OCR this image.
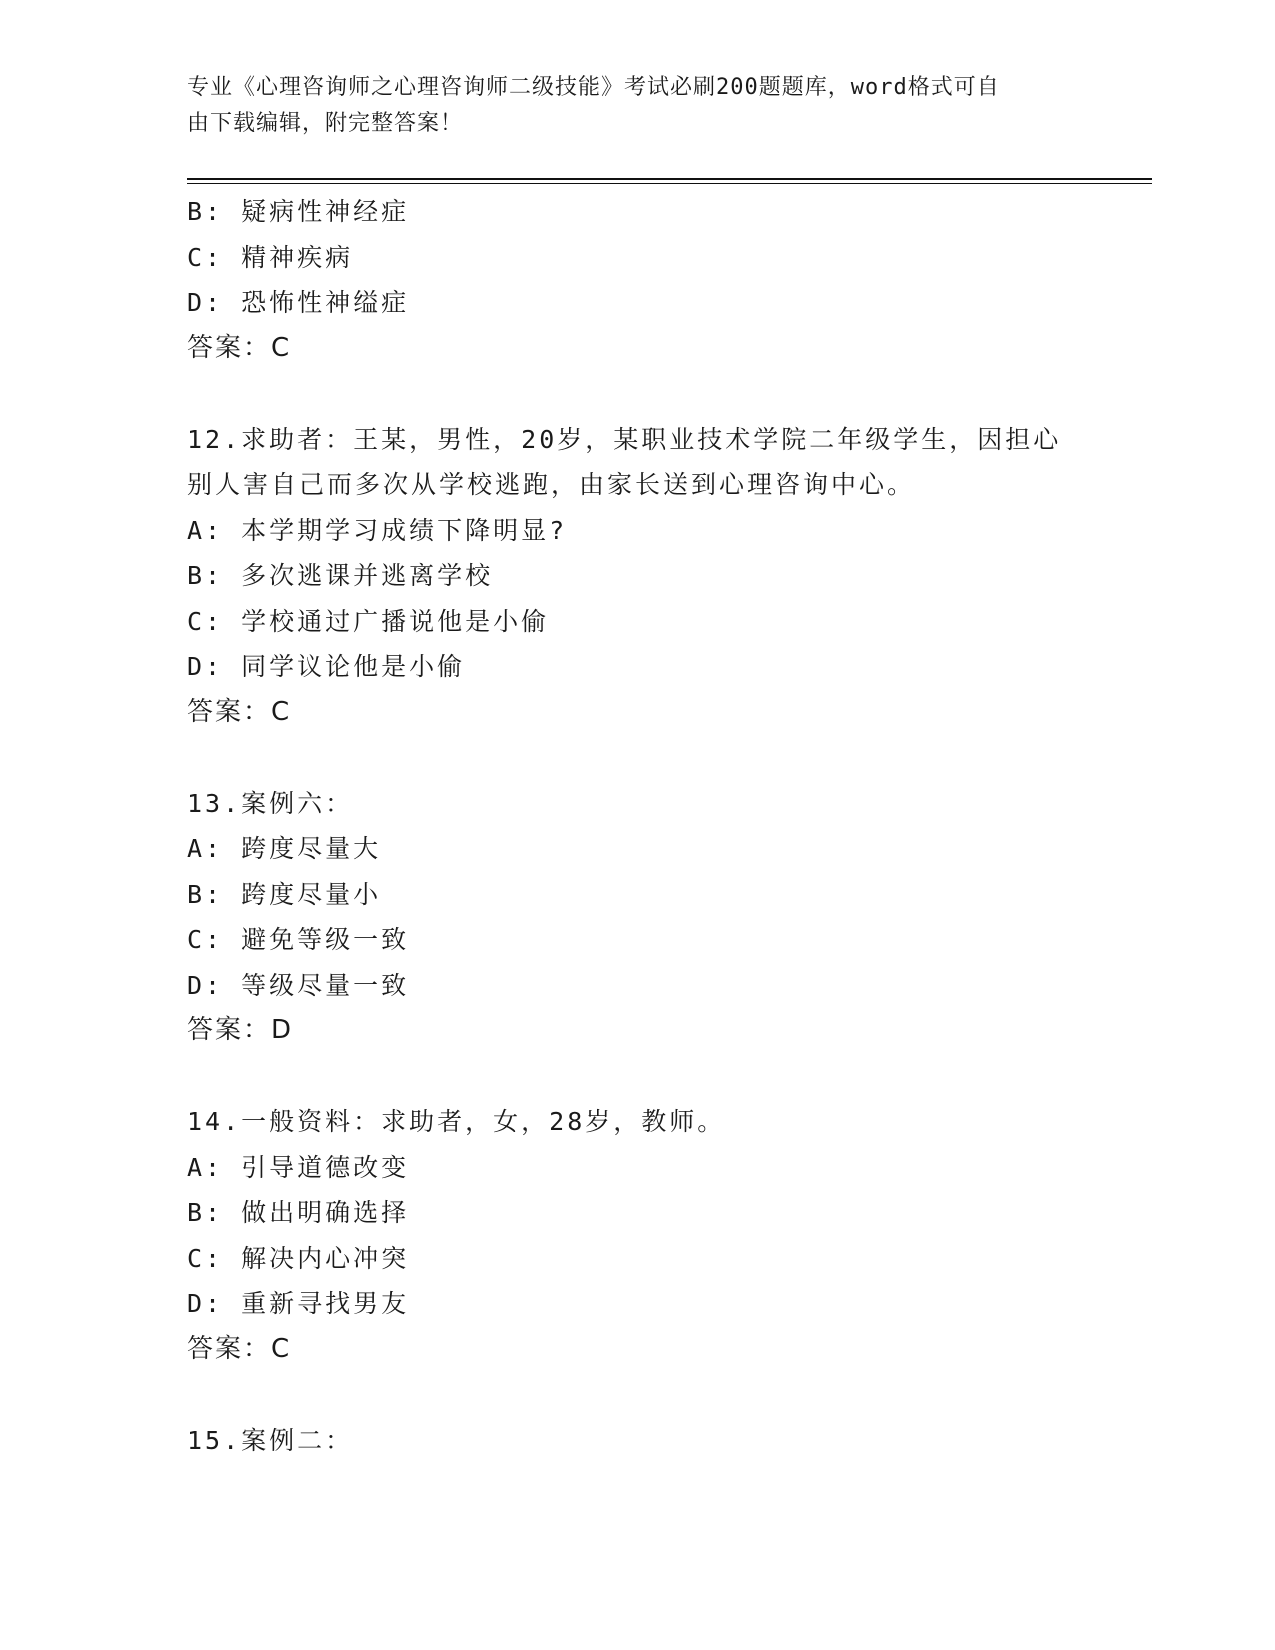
专业《心理咨询师之心理咨询师二级技能》考试必刷200题题库，word格式可自
由下载编辑，附完整答案！
B: 疑病性神经症
C: 精神疾病
D: 恐怖性神缢症
答案：C
12.求助者：王某，男性，20岁，某职业技术学院二年级学生，因担心
别人害自己而多次从学校逃跑，由家长送到心理咨询中心。
A: 本学期学习成绩下降明显?
B: 多次逃课并逃离学校
C: 学校通过广播说他是小偷
D: 同学议论他是小偷
答案：C
13.案例六：
A: 跨度尽量大
B: 跨度尽量小
C: 避免等级一致
D: 等级尽量一致
答案：D
14.一般资料：求助者，女，28岁，教师。
A: 引导道德改变
B: 做出明确选择
C: 解决内心冲突
D: 重新寻找男友
答案：C
15.案例二：
